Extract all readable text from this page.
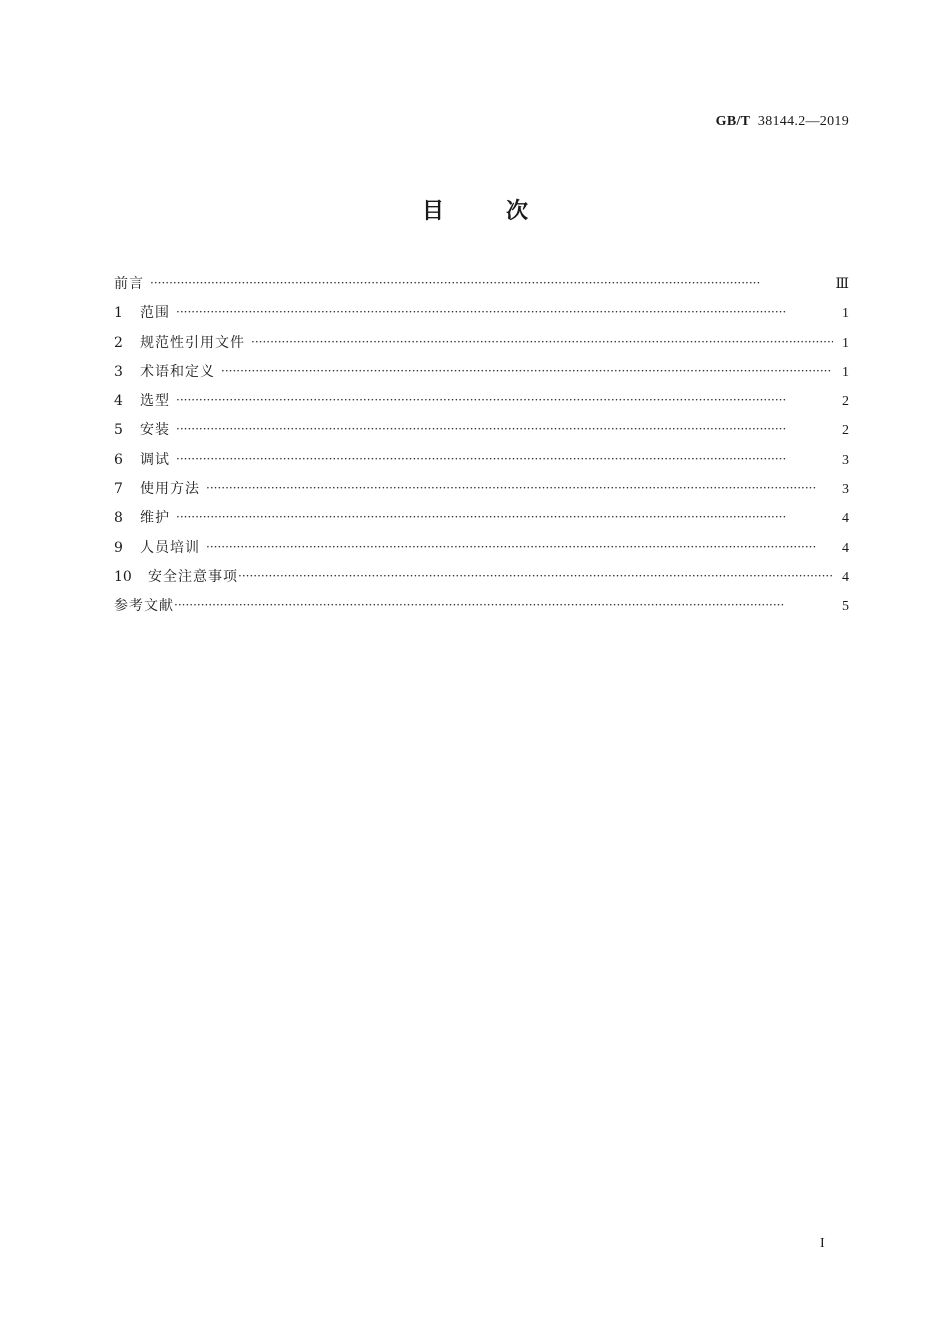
GB/T 38144.2—2019
目次
前言 ·····	Ⅲ
1	范围 ·····	1
2	规范性引用文件 ·····	1
3	术语和定义 ·····	1
4	选型 ·····	2
5	安装 ·····	2
6	调试 ·····	3
7	使用方法 ·····	3
8	维护 ·····	4
9	人员培训 ·····	4
10	安全注意事项 ·····	4
参考文献 ·····	5
I
